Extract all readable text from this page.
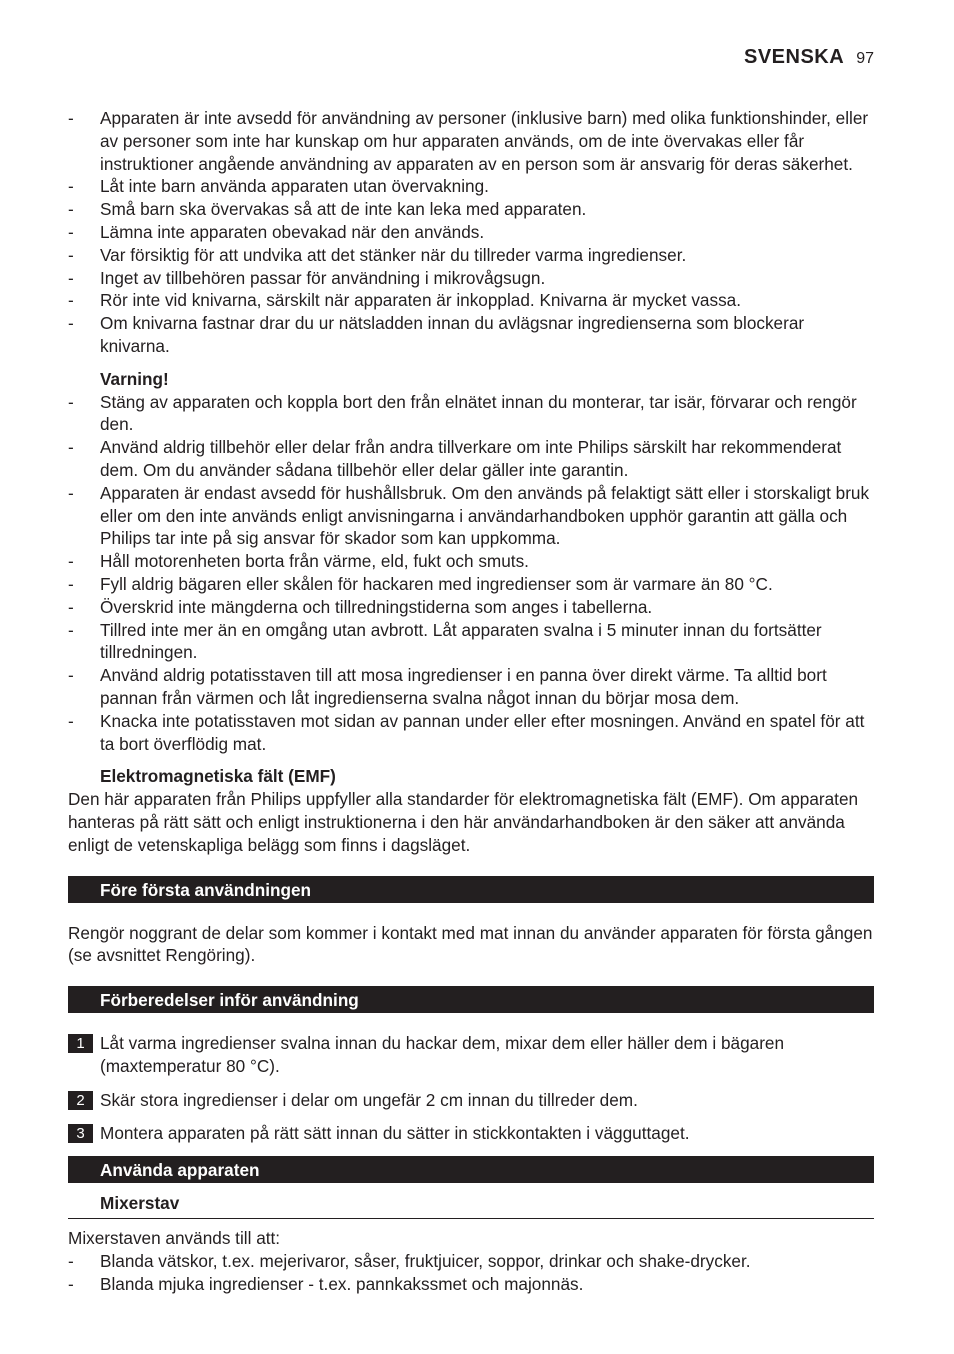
SVENSKA 97
- Apparaten är inte avsedd för användning av personer (inklusive barn) med olika funktionshinder, eller av personer som inte har kunskap om hur apparaten används, om de inte övervakas eller får instruktioner angående användning av apparaten av en person som är ansvarig för deras säkerhet.
- Låt inte barn använda apparaten utan övervakning.
- Små barn ska övervakas så att de inte kan leka med apparaten.
- Lämna inte apparaten obevakad när den används.
- Var försiktig för att undvika att det stänker när du tillreder varma ingredienser.
- Inget av tillbehören passar för användning i mikrovågsugn.
- Rör inte vid knivarna, särskilt när apparaten är inkopplad. Knivarna är mycket vassa.
- Om knivarna fastnar drar du ur nätsladden innan du avlägsnar ingredienserna som blockerar knivarna.
Varning!
- Stäng av apparaten och koppla bort den från elnätet innan du monterar, tar isär, förvarar och rengör den.
- Använd aldrig tillbehör eller delar från andra tillverkare om inte Philips särskilt har rekommenderat dem. Om du använder sådana tillbehör eller delar gäller inte garantin.
- Apparaten är endast avsedd för hushållsbruk. Om den används på felaktigt sätt eller i storskaligt bruk eller om den inte används enligt anvisningarna i användarhandboken upphör garantin att gälla och Philips tar inte på sig ansvar för skador som kan uppkomma.
- Håll motorenheten borta från värme, eld, fukt och smuts.
- Fyll aldrig bägaren eller skålen för hackaren med ingredienser som är varmare än 80 °C.
- Överskrid inte mängderna och tillredningstiderna som anges i tabellerna.
- Tillred inte mer än en omgång utan avbrott. Låt apparaten svalna i 5 minuter innan du fortsätter tillredningen.
- Använd aldrig potatisstaven till att mosa ingredienser i en panna över direkt värme. Ta alltid bort pannan från värmen och låt ingredienserna svalna något innan du börjar mosa dem.
- Knacka inte potatisstaven mot sidan av pannan under eller efter mosningen. Använd en spatel för att ta bort överflödig mat.
Elektromagnetiska fält (EMF)

Den här apparaten från Philips uppfyller alla standarder för elektromagnetiska fält (EMF). Om apparaten hanteras på rätt sätt och enligt instruktionerna i den här användarhandboken är den säker att använda enligt de vetenskapliga belägg som finns i dagsläget.

Före första användningen

Rengör noggrant de delar som kommer i kontakt med mat innan du använder apparaten för första gången (se avsnittet Rengöring).

Förberedelser inför användning
1 Låt varma ingredienser svalna innan du hackar dem, mixar dem eller häller dem i bägaren (maxtemperatur 80 °C).
2 Skär stora ingredienser i delar om ungefär 2 cm innan du tillreder dem.
3 Montera apparaten på rätt sätt innan du sätter in stickkontakten i vägguttaget.
Använda apparaten
Mixerstav

Mixerstaven används till att:

- Blanda vätskor, t.ex. mejerivaror, såser, fruktjuicer, soppor, drinkar och shake-drycker.
- Blanda mjuka ingredienser - t.ex. pannkakssmet och majonnäs.
